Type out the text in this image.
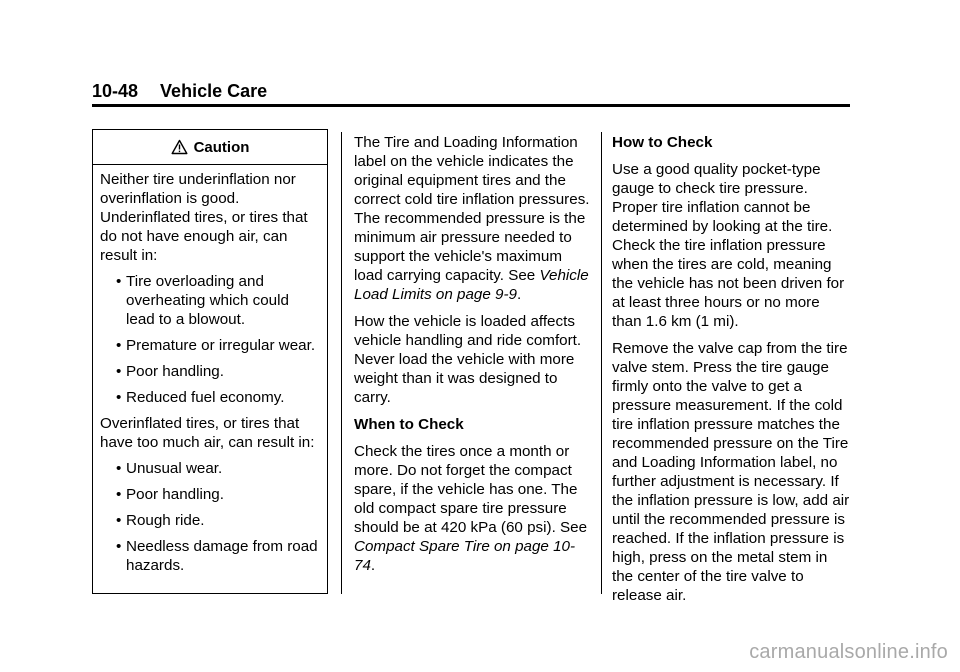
10-48 Vehicle Care
Caution

Neither tire underinflation nor overinflation is good. Underinflated tires, or tires that do not have enough air, can result in:

• Tire overloading and overheating which could lead to a blowout.
• Premature or irregular wear.
• Poor handling.
• Reduced fuel economy.

Overinflated tires, or tires that have too much air, can result in:

• Unusual wear.
• Poor handling.
• Rough ride.
• Needless damage from road hazards.

The Tire and Loading Information label on the vehicle indicates the original equipment tires and the correct cold tire inflation pressures. The recommended pressure is the minimum air pressure needed to support the vehicle's maximum load carrying capacity. See Vehicle Load Limits on page 9-9.

How the vehicle is loaded affects vehicle handling and ride comfort. Never load the vehicle with more weight than it was designed to carry.

When to Check

Check the tires once a month or more. Do not forget the compact spare, if the vehicle has one. The old compact spare tire pressure should be at 420 kPa (60 psi). See Compact Spare Tire on page 10-74.

How to Check

Use a good quality pocket-type gauge to check tire pressure. Proper tire inflation cannot be determined by looking at the tire. Check the tire inflation pressure when the tires are cold, meaning the vehicle has not been driven for at least three hours or no more than 1.6 km (1 mi).

Remove the valve cap from the tire valve stem. Press the tire gauge firmly onto the valve to get a pressure measurement. If the cold tire inflation pressure matches the recommended pressure on the Tire and Loading Information label, no further adjustment is necessary. If the inflation pressure is low, add air until the recommended pressure is reached. If the inflation pressure is high, press on the metal stem in the center of the tire valve to release air.

carmanualsonline.info
